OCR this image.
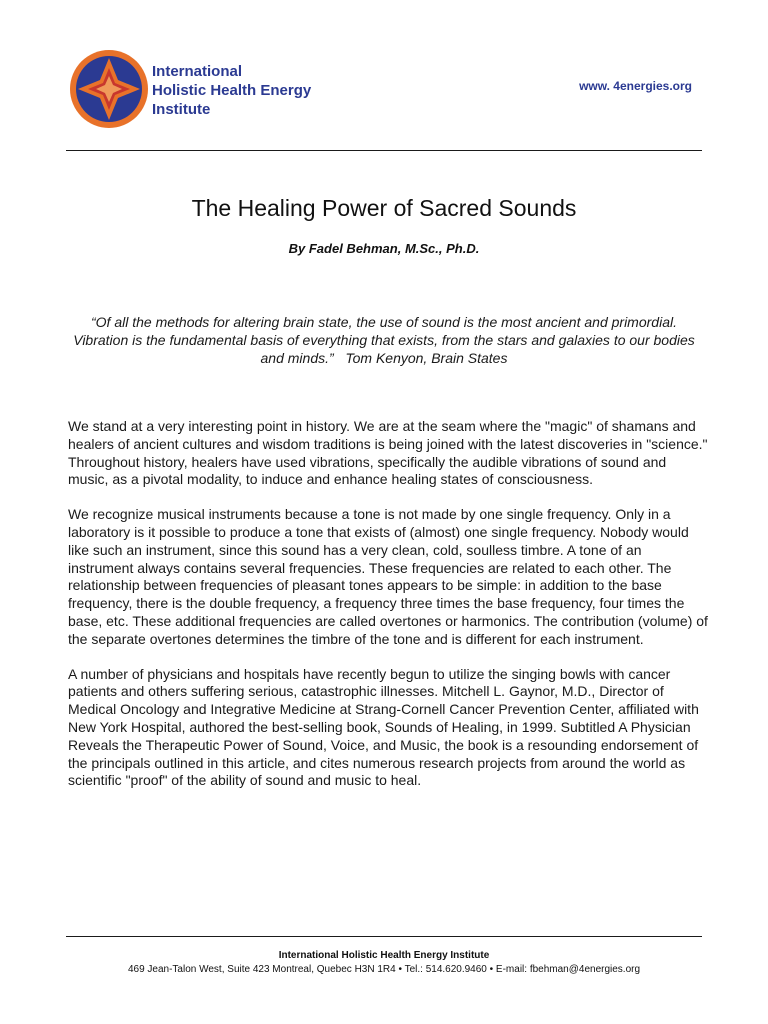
International
Holistic Health Energy
Institute
www. 4energies.org
The Healing Power of Sacred Sounds
By Fadel Behman, M.Sc., Ph.D.
“Of all the methods for altering brain state, the use of sound is the most ancient and primordial. Vibration is the fundamental basis of everything that exists, from the stars and galaxies to our bodies and minds.” Tom Kenyon, Brain States

We stand at a very interesting point in history. We are at the seam where the "magic" of shamans and healers of ancient cultures and wisdom traditions is being joined with the latest discoveries in "science." Throughout history, healers have used vibrations, specifically the audible vibrations of sound and music, as a pivotal modality, to induce and enhance healing states of consciousness.

We recognize musical instruments because a tone is not made by one single frequency. Only in a laboratory is it possible to produce a tone that exists of (almost) one single frequency. Nobody would like such an instrument, since this sound has a very clean, cold, soulless timbre. A tone of an instrument always contains several frequencies. These frequencies are related to each other. The relationship between frequencies of pleasant tones appears to be simple: in addition to the base frequency, there is the double frequency, a frequency three times the base frequency, four times the base, etc. These additional frequencies are called overtones or harmonics. The contribution (volume) of the separate overtones determines the timbre of the tone and is different for each instrument.

A number of physicians and hospitals have recently begun to utilize the singing bowls with cancer patients and others suffering serious, catastrophic illnesses. Mitchell L. Gaynor, M.D., Director of Medical Oncology and Integrative Medicine at Strang-Cornell Cancer Prevention Center, affiliated with New York Hospital, authored the best-selling book, Sounds of Healing, in 1999. Subtitled A Physician Reveals the Therapeutic Power of Sound, Voice, and Music, the book is a resounding endorsement of the principals outlined in this article, and cites numerous research projects from around the world as scientific "proof" of the ability of sound and music to heal.

International Holistic Health Energy Institute
469 Jean-Talon West, Suite 423 Montreal, Quebec H3N 1R4 • Tel.: 514.620.9460 • E-mail: fbehman@4energies.org
